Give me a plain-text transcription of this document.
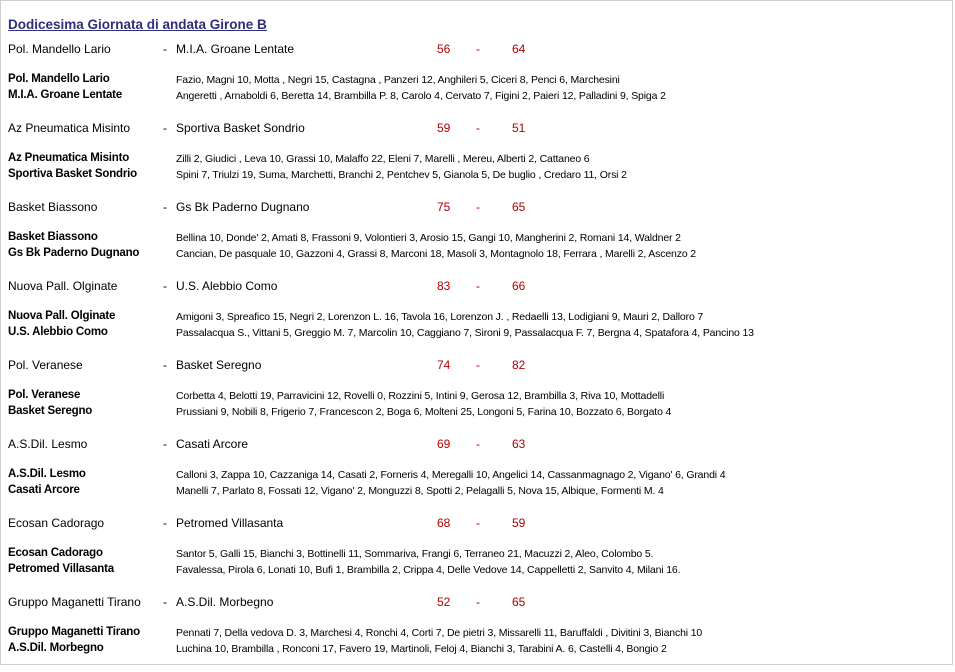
Dodicesima Giornata di andata Girone B
Pol. Mandello Lario	- M.I.A. Groane Lentate	56 -	64
Pol. Mandello Lario	Fazio, Magni 10, Motta , Negri 15, Castagna , Panzeri 12, Anghileri 5, Ciceri 8, Penci 6, Marchesini
M.I.A. Groane Lentate	Angeretti , Arnaboldi 6, Beretta 14, Brambilla P. 8, Carolo 4, Cervato 7, Figini 2, Paieri 12, Palladini 9, Spiga 2
Az Pneumatica Misinto	- Sportiva Basket Sondrio	59 -	51
Az Pneumatica Misinto	Zilli 2, Giudici , Leva 10, Grassi 10, Malaffo 22, Eleni 7, Marelli , Mereu, Alberti 2, Cattaneo 6
Sportiva Basket Sondrio	Spini 7, Triulzi 19, Suma, Marchetti, Branchi 2, Pentchev 5, Gianola 5, De buglio , Credaro 11, Orsi 2
Basket Biassono	- Gs Bk Paderno Dugnano	75 -	65
Basket Biassono	Bellina 10, Donde' 2, Amati 8, Frassoni 9, Volontieri 3, Arosio 15, Gangi 10, Mangherini 2, Romani 14, Waldner 2
Gs Bk Paderno Dugnano	Cancian, De pasquale 10, Gazzoni 4, Grassi 8, Marconi 18, Masoli 3, Montagnolo 18, Ferrara , Marelli 2, Ascenzo 2
Nuova Pall. Olginate	- U.S. Alebbio Como	83 -	66
Nuova Pall. Olginate	Amigoni 3, Spreafico 15, Negri 2, Lorenzon L. 16, Tavola 16, Lorenzon J. , Redaelli 13, Lodigiani 9, Mauri 2, Dalloro 7
U.S. Alebbio Como	Passalacqua S., Vittani 5, Greggio M. 7, Marcolin 10, Caggiano 7, Sironi 9, Passalacqua F. 7, Bergna 4, Spatafora 4, Pancino 13
Pol. Veranese	- Basket Seregno	74 -	82
Pol. Veranese	Corbetta 4, Belotti 19, Parravicini 12, Rovelli 0, Rozzini 5, Intini 9, Gerosa 12, Brambilla 3, Riva 10, Mottadelli
Basket Seregno	Prussiani 9, Nobili 8, Frigerio 7, Francescon 2, Boga 6, Molteni 25, Longoni 5, Farina 10, Bozzato 6, Borgato 4
A.S.Dil. Lesmo	- Casati Arcore	69 -	63
A.S.Dil. Lesmo	Calloni 3, Zappa 10, Cazzaniga 14, Casati 2, Forneris 4, Meregalli 10, Angelici 14, Cassanmagnago 2, Vigano' 6, Grandi 4
Casati Arcore	Manelli 7, Parlato 8, Fossati 12, Vigano' 2, Monguzzi 8, Spotti 2, Pelagalli 5, Nova 15, Albique, Formenti M. 4
Ecosan Cadorago	- Petromed Villasanta	68 -	59
Ecosan Cadorago	Santor 5, Galli 15, Bianchi 3, Bottinelli 11, Sommariva, Frangi 6, Terraneo 21, Macuzzi 2, Aleo, Colombo 5.
Petromed Villasanta	Favalessa, Pirola 6, Lonati 10, Bufi 1, Brambilla 2, Crippa 4, Delle Vedove 14, Cappelletti 2, Sanvito 4, Milani 16.
Gruppo Maganetti Tirano - A.S.Dil. Morbegno	52 -	65
Gruppo Maganetti Tirano	Pennati 7, Della vedova D. 3, Marchesi 4, Ronchi 4, Corti 7, De pietri 3, Missarelli 11, Baruffaldi , Divitini 3, Bianchi 10
A.S.Dil. Morbegno	Luchina 10, Brambilla , Ronconi 17, Favero 19, Martinoli, Feloj 4, Bianchi 3, Tarabini A. 6, Castelli 4, Bongio 2
